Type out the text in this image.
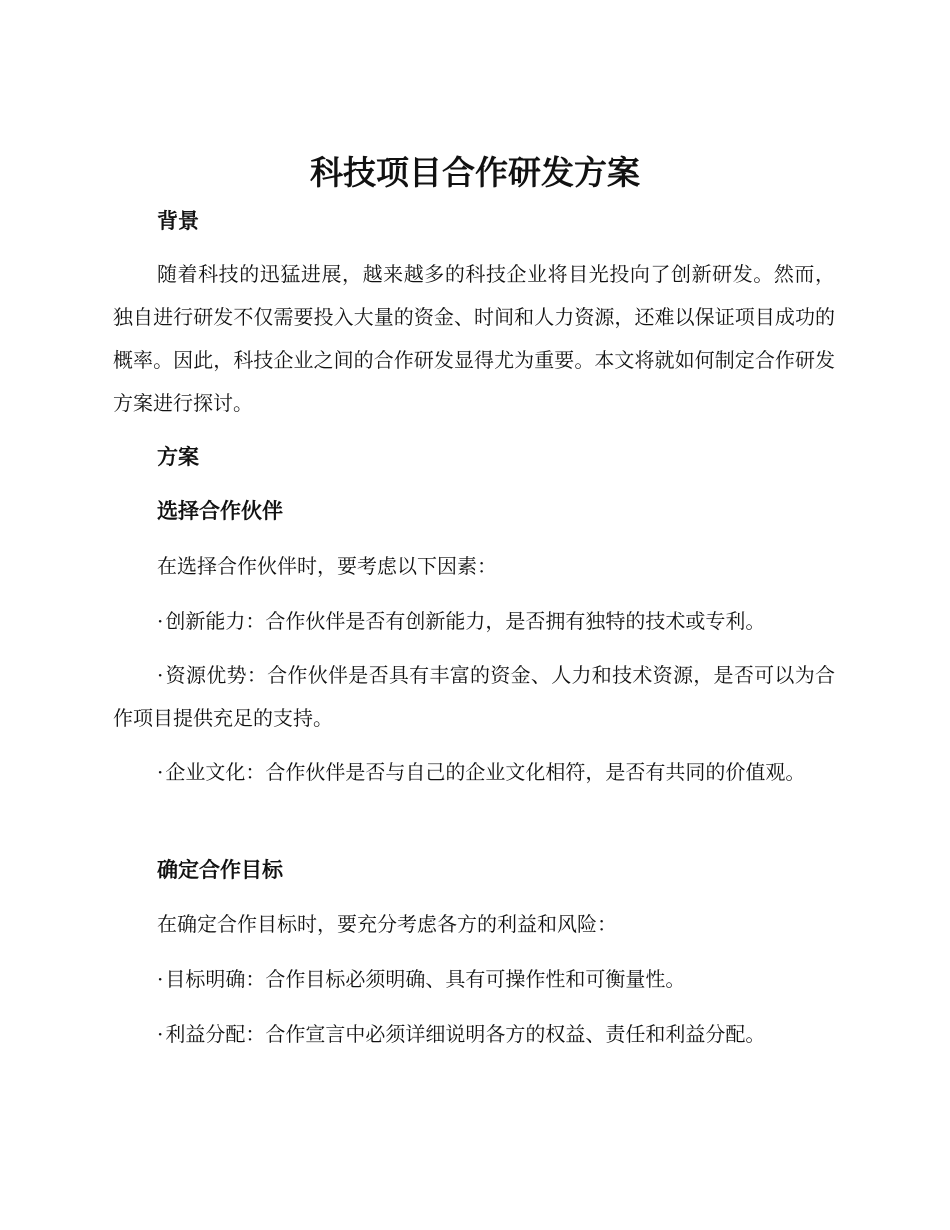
科技项目合作研发方案
背景

随着科技的迅猛进展，越来越多的科技企业将目光投向了创新研发。然而，独自进行研发不仅需要投入大量的资金、时间和人力资源，还难以保证项目成功的概率。因此，科技企业之间的合作研发显得尤为重要。本文将就如何制定合作研发方案进行探讨。

方案
选择合作伙伴

在选择合作伙伴时，要考虑以下因素：

· 创新能力：合作伙伴是否有创新能力，是否拥有独特的技术或专利。

· 资源优势：合作伙伴是否具有丰富的资金、人力和技术资源，是否可以为合作项目提供充足的支持。

· 企业文化：合作伙伴是否与自己的企业文化相符，是否有共同的价值观。

确定合作目标

在确定合作目标时，要充分考虑各方的利益和风险：

· 目标明确：合作目标必须明确、具有可操作性和可衡量性。

· 利益分配：合作宣言中必须详细说明各方的权益、责任和利益分配。
